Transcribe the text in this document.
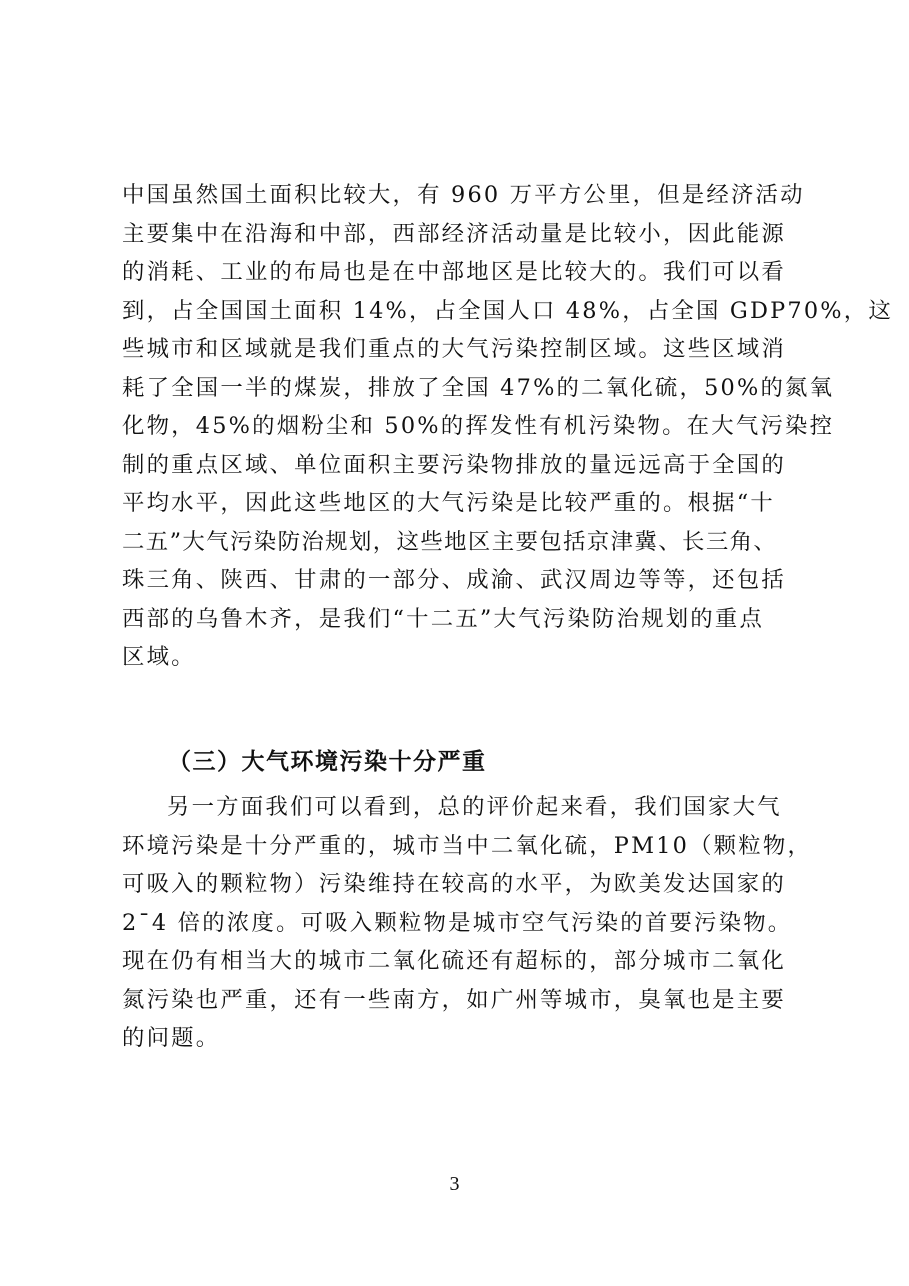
中国虽然国土面积比较大，有 960 万平方公里，但是经济活动
主要集中在沿海和中部，西部经济活动量是比较小，因此能源
的消耗、工业的布局也是在中部地区是比较大的。我们可以看
到，占全国国土面积 14%，占全国人口 48%，占全国 GDP70%，这
些城市和区域就是我们重点的大气污染控制区域。这些区域消
耗了全国一半的煤炭，排放了全国 47%的二氧化硫，50%的氮氧
化物，45%的烟粉尘和 50%的挥发性有机污染物。在大气污染控
制的重点区域、单位面积主要污染物排放的量远远高于全国的
平均水平，因此这些地区的大气污染是比较严重的。根据“十
二五”大气污染防治规划，这些地区主要包括京津冀、长三角、
珠三角、陕西、甘肃的一部分、成渝、武汉周边等等，还包括
西部的乌鲁木齐，是我们“十二五”大气污染防治规划的重点
区域。
（三）大气环境污染十分严重
另一方面我们可以看到，总的评价起来看，我们国家大气
环境污染是十分严重的，城市当中二氧化硫，PM10（颗粒物，
可吸入的颗粒物）污染维持在较高的水平，为欧美发达国家的
2¯4 倍的浓度。可吸入颗粒物是城市空气污染的首要污染物。
现在仍有相当大的城市二氧化硫还有超标的，部分城市二氧化
氮污染也严重，还有一些南方，如广州等城市，臭氧也是主要
的问题。
3
